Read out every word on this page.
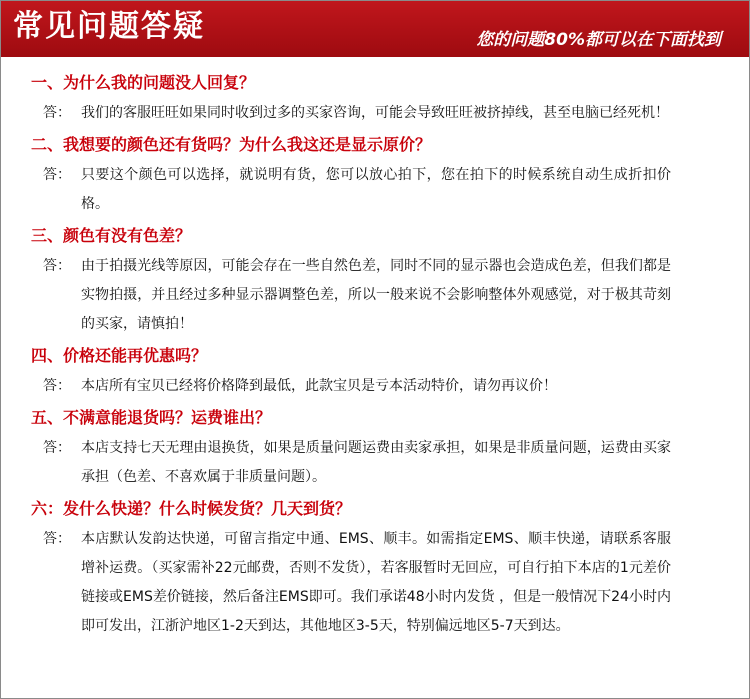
常见问题答疑	您的问题80%都可以在下面找到
一、为什么我的问题没人回复？
答： 我们的客服旺旺如果同时收到过多的买家咨询，可能会导致旺旺被挤掉线，甚至电脑已经死机！
二、我想要的颜色还有货吗？为什么我这还是显示原价？
答： 只要这个颜色可以选择，就说明有货，您可以放心拍下，您在拍下的时候系统自动生成折扣价格。
三、颜色有没有色差？
答： 由于拍摄光线等原因，可能会存在一些自然色差，同时不同的显示器也会造成色差，但我们都是实物拍摄，并且经过多种显示器调整色差，所以一般来说不会影响整体外观感觉，对于极其苛刻的买家，请慎拍！
四、价格还能再优惠吗？
答： 本店所有宝贝已经将价格降到最低，此款宝贝是亏本活动特价，请勿再议价！
五、不满意能退货吗？运费谁出？
答： 本店支持七天无理由退换货，如果是质量问题运费由卖家承担，如果是非质量问题，运费由买家承担（色差、不喜欢属于非质量问题）。
六：发什么快递？什么时候发货？几天到货？
答： 本店默认发韵达快递，可留言指定中通、EMS、顺丰。如需指定EMS、顺丰快递，请联系客服增补运费。（买家需补22元邮费，否则不发货），若客服暂时无回应，可自行拍下本店的1元差价链接或EMS差价链接，然后备注EMS即可。我们承诺48小时内发货 ，但是一般情况下24小时内即可发出，江浙沪地区1-2天到达，其他地区3-5天，特别偏远地区5-7天到达。
